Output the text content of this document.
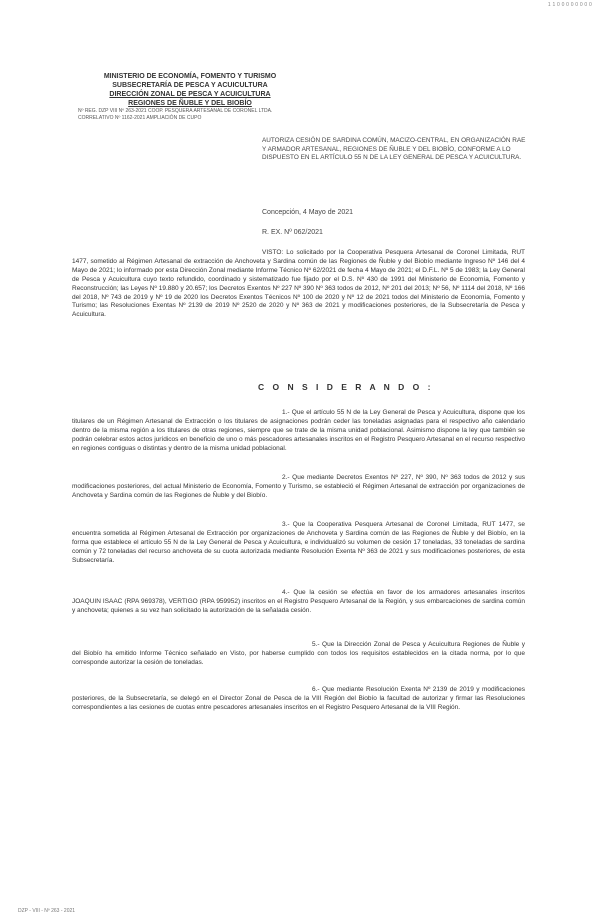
1 1 0 0 0 0 0 0 0 0
MINISTERIO DE ECONOMÍA, FOMENTO Y TURISMO
SUBSECRETARÍA DE PESCA Y ACUICULTURA
DIRECCIÓN ZONAL DE PESCA Y ACUICULTURA
REGIONES DE ÑUBLE Y DEL BIOBÍO
Nº REG. DZP VIII Nº 263-2021 COOP. PESQUERA ARTESANAL DE CORONEL LTDA.
CORRELATIVO Nº 1162-2021 AMPLIACIÓN DE CUPO
AUTORIZA CESIÓN DE SARDINA COMÚN, MACIZO-CENTRAL, EN ORGANIZACIÓN RAE Y ARMADOR ARTESANAL, REGIONES DE ÑUBLE Y DEL BIOBÍO, CONFORME A LO DISPUESTO EN EL ARTÍCULO 55 N DE LA LEY GENERAL DE PESCA Y ACUICULTURA.
Concepción, 4 Mayo de 2021
R. EX. Nº 062/2021
VISTO: Lo solicitado por la Cooperativa Pesquera Artesanal de Coronel Limitada, RUT 1477, sometido al Régimen Artesanal de extracción de Anchoveta y Sardina común de las Regiones de Ñuble y del Biobío mediante Ingreso Nº 146 del 4 Mayo de 2021; lo informado por esta Dirección Zonal mediante Informe Técnico Nº 62/2021 de fecha 4 Mayo de 2021; el D.F.L. Nº 5 de 1983; la Ley General de Pesca y Acuicultura cuyo texto refundido, coordinado y sistematizado fue fijado por el D.S. Nº 430 de 1991 del Ministerio de Economía, Fomento y Reconstrucción; las Leyes Nº 19.880 y 20.657; los Decretos Exentos Nº 227 Nº 390 Nº 363 todos de 2012, Nº 201 del 2013; Nº 56, Nº 1114 del 2018, Nº 166 del 2018, Nº 743 de 2019 y Nº 19 de 2020 los Decretos Exentos Técnicos Nº 100 de 2020 y Nº 12 de 2021 todos del Ministerio de Economía, Fomento y Turismo; las Resoluciones Exentas Nº 2139 de 2019 Nº 2520 de 2020 y Nº 363 de 2021 y modificaciones posteriores, de la Subsecretaría de Pesca y Acuicultura.
C O N S I D E R A N D O :
1.- Que el artículo 55 N de la Ley General de Pesca y Acuicultura, dispone que los titulares de un Régimen Artesanal de Extracción o los titulares de asignaciones podrán ceder las toneladas asignadas para el respectivo año calendario dentro de la misma región a los titulares de otras regiones, siempre que se trate de la misma unidad poblacional. Asimismo dispone la ley que también se podrán celebrar estos actos jurídicos en beneficio de uno o más pescadores artesanales inscritos en el Registro Pesquero Artesanal en el recurso respectivo en regiones contiguas o distintas y dentro de la misma unidad poblacional.
2.- Que mediante Decretos Exentos Nº 227, Nº 390, Nº 363 todos de 2012 y sus modificaciones posteriores, del actual Ministerio de Economía, Fomento y Turismo, se estableció el Régimen Artesanal de extracción por organizaciones de Anchoveta y Sardina común de las Regiones de Ñuble y del Biobío.
3.- Que la Cooperativa Pesquera Artesanal de Coronel Limitada, RUT 1477, se encuentra sometida al Régimen Artesanal de Extracción por organizaciones de Anchoveta y Sardina común de las Regiones de Ñuble y del Biobío, en la forma que establece el artículo 55 N de la Ley General de Pesca y Acuicultura, e individualizó su volumen de cesión 17 toneladas, 33 toneladas de sardina común y 72 toneladas del recurso anchoveta de su cuota autorizada mediante Resolución Exenta Nº 363 de 2021 y sus modificaciones posteriores, de esta Subsecretaría.
4.- Que la cesión se efectúa en favor de los armadores artesanales inscritos JOAQUIN ISAAC (RPA 969378), VERTIGO (RPA 959952) inscritos en el Registro Pesquero Artesanal de la Región, y sus embarcaciones de sardina común y anchoveta; quienes a su vez han solicitado la autorización de la señalada cesión.
5.- Que la Dirección Zonal de Pesca y Acuicultura Regiones de Ñuble y del Biobío ha emitido Informe Técnico señalado en Visto, por haberse cumplido con todos los requisitos establecidos en la citada norma, por lo que corresponde autorizar la cesión de toneladas.
6.- Que mediante Resolución Exenta Nº 2139 de 2019 y modificaciones posteriores, de la Subsecretaría, se delegó en el Director Zonal de Pesca de la VIII Región del Biobío la facultad de autorizar y firmar las Resoluciones correspondientes a las cesiones de cuotas entre pescadores artesanales inscritos en el Registro Pesquero Artesanal de la VIII Región.
DZP - VIII - Nº 263 - 2021
